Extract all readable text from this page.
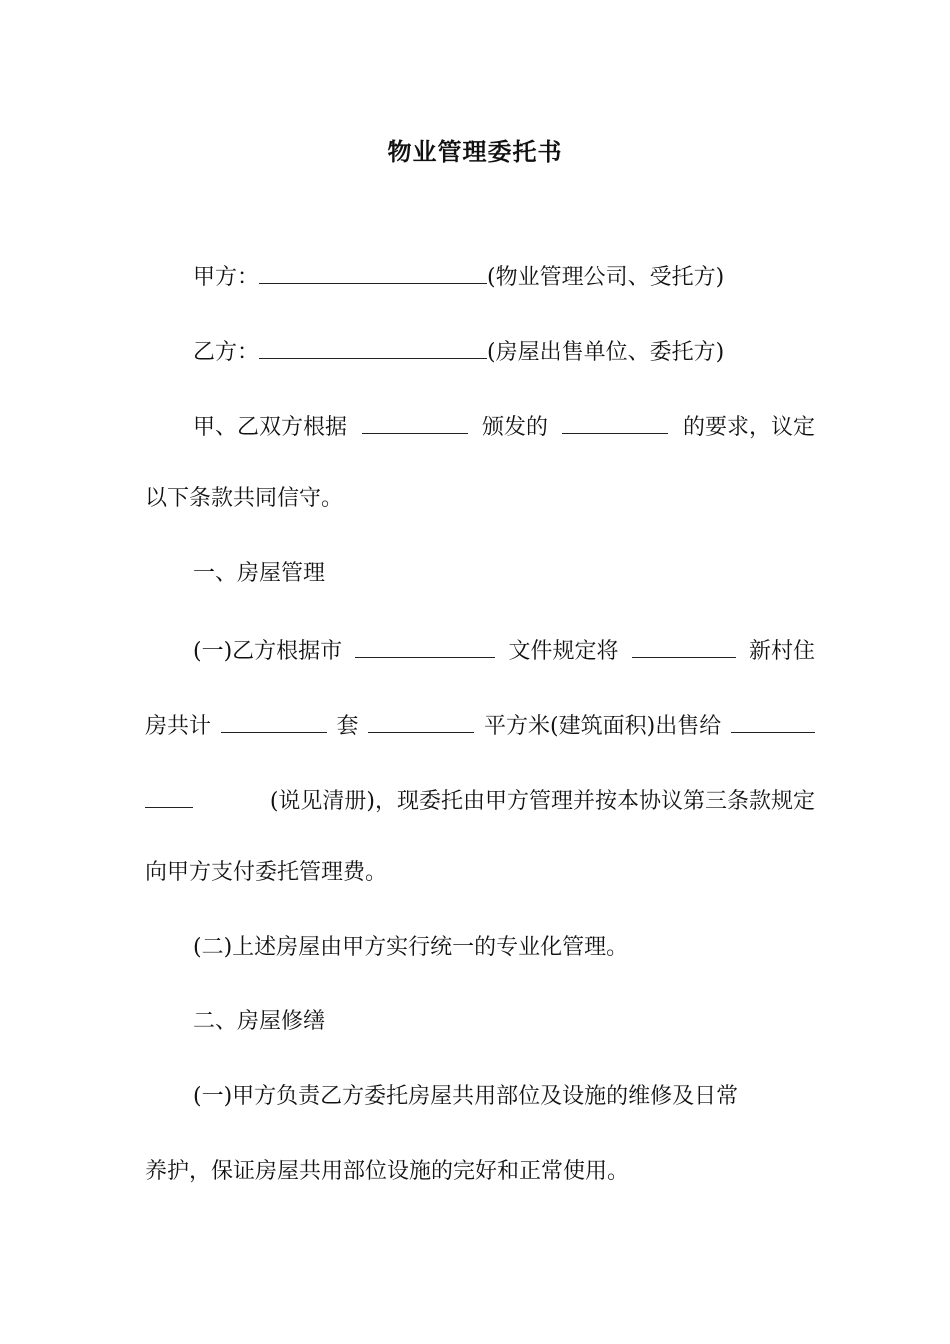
物业管理委托书
甲方：	(物业管理公司、受托方)
乙方：	(房屋出售单位、委托方)
甲、乙双方根据	颁发的	的要求，议定
以下条款共同信守。
一、房屋管理
(一)乙方根据市	文件规定将	新村住
房共计	套	平方米(建筑面积)出售给
(说见清册)，现委托由甲方管理并按本协议第三条款规定
向甲方支付委托管理费。
(二)上述房屋由甲方实行统一的专业化管理。
二、房屋修缮
(一)甲方负责乙方委托房屋共用部位及设施的维修及日常
养护，保证房屋共用部位设施的完好和正常使用。
